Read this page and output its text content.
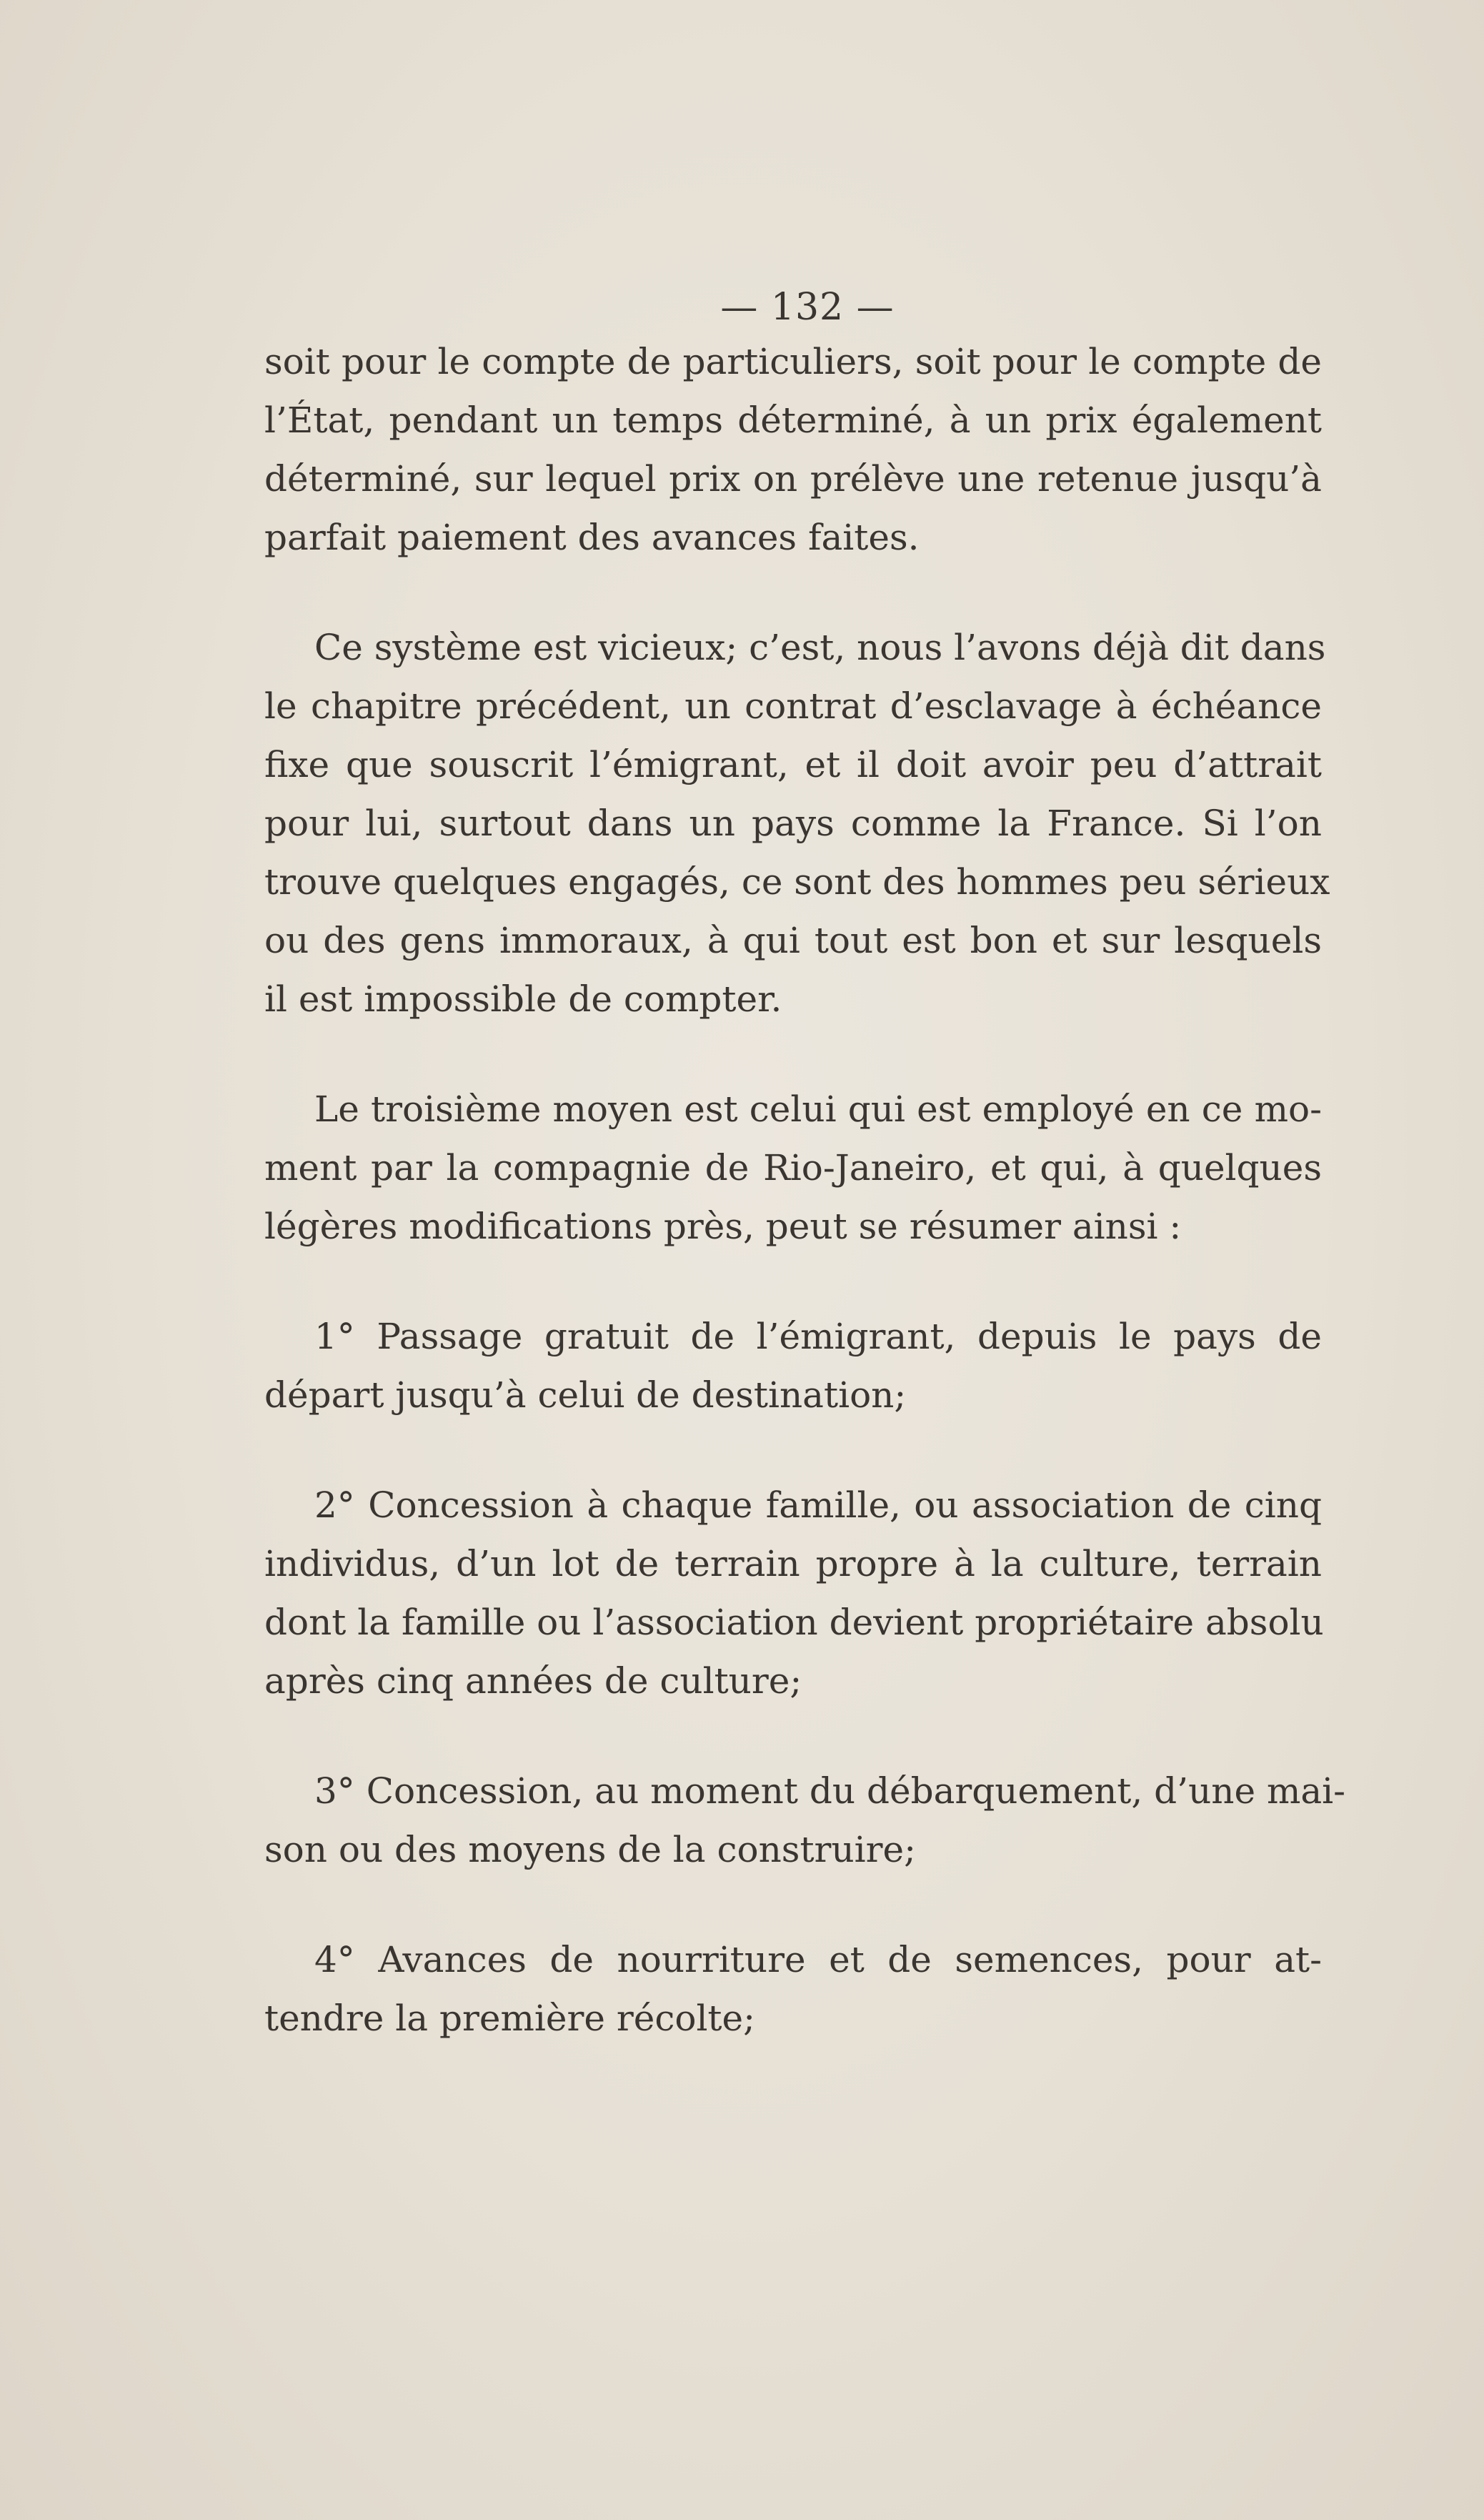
— 132 —
soit pour le compte de particuliers, soit pour le compte de
l’État, pendant un temps déterminé, à un prix également
déterminé, sur lequel prix on prélève une retenue jusqu’à
parfait paiement des avances faites.
Ce système est vicieux; c’est, nous l’avons déjà dit dans
le chapitre précédent, un contrat d’esclavage à échéance
fixe que souscrit l’émigrant, et il doit avoir peu d’attrait
pour lui, surtout dans un pays comme la France. Si l’on
trouve quelques engagés, ce sont des hommes peu sérieux
ou des gens immoraux, à qui tout est bon et sur lesquels
il est impossible de compter.
Le troisième moyen est celui qui est employé en ce mo-
ment par la compagnie de Rio-Janeiro, et qui, à quelques
légères modifications près, peut se résumer ainsi :
1° Passage gratuit de l’émigrant, depuis le pays de
départ jusqu’à celui de destination;
2° Concession à chaque famille, ou association de cinq
individus, d’un lot de terrain propre à la culture, terrain
dont la famille ou l’association devient propriétaire absolu
après cinq années de culture;
3° Concession, au moment du débarquement, d’une mai-
son ou des moyens de la construire;
4° Avances de nourriture et de semences, pour at-
tendre la première récolte;
